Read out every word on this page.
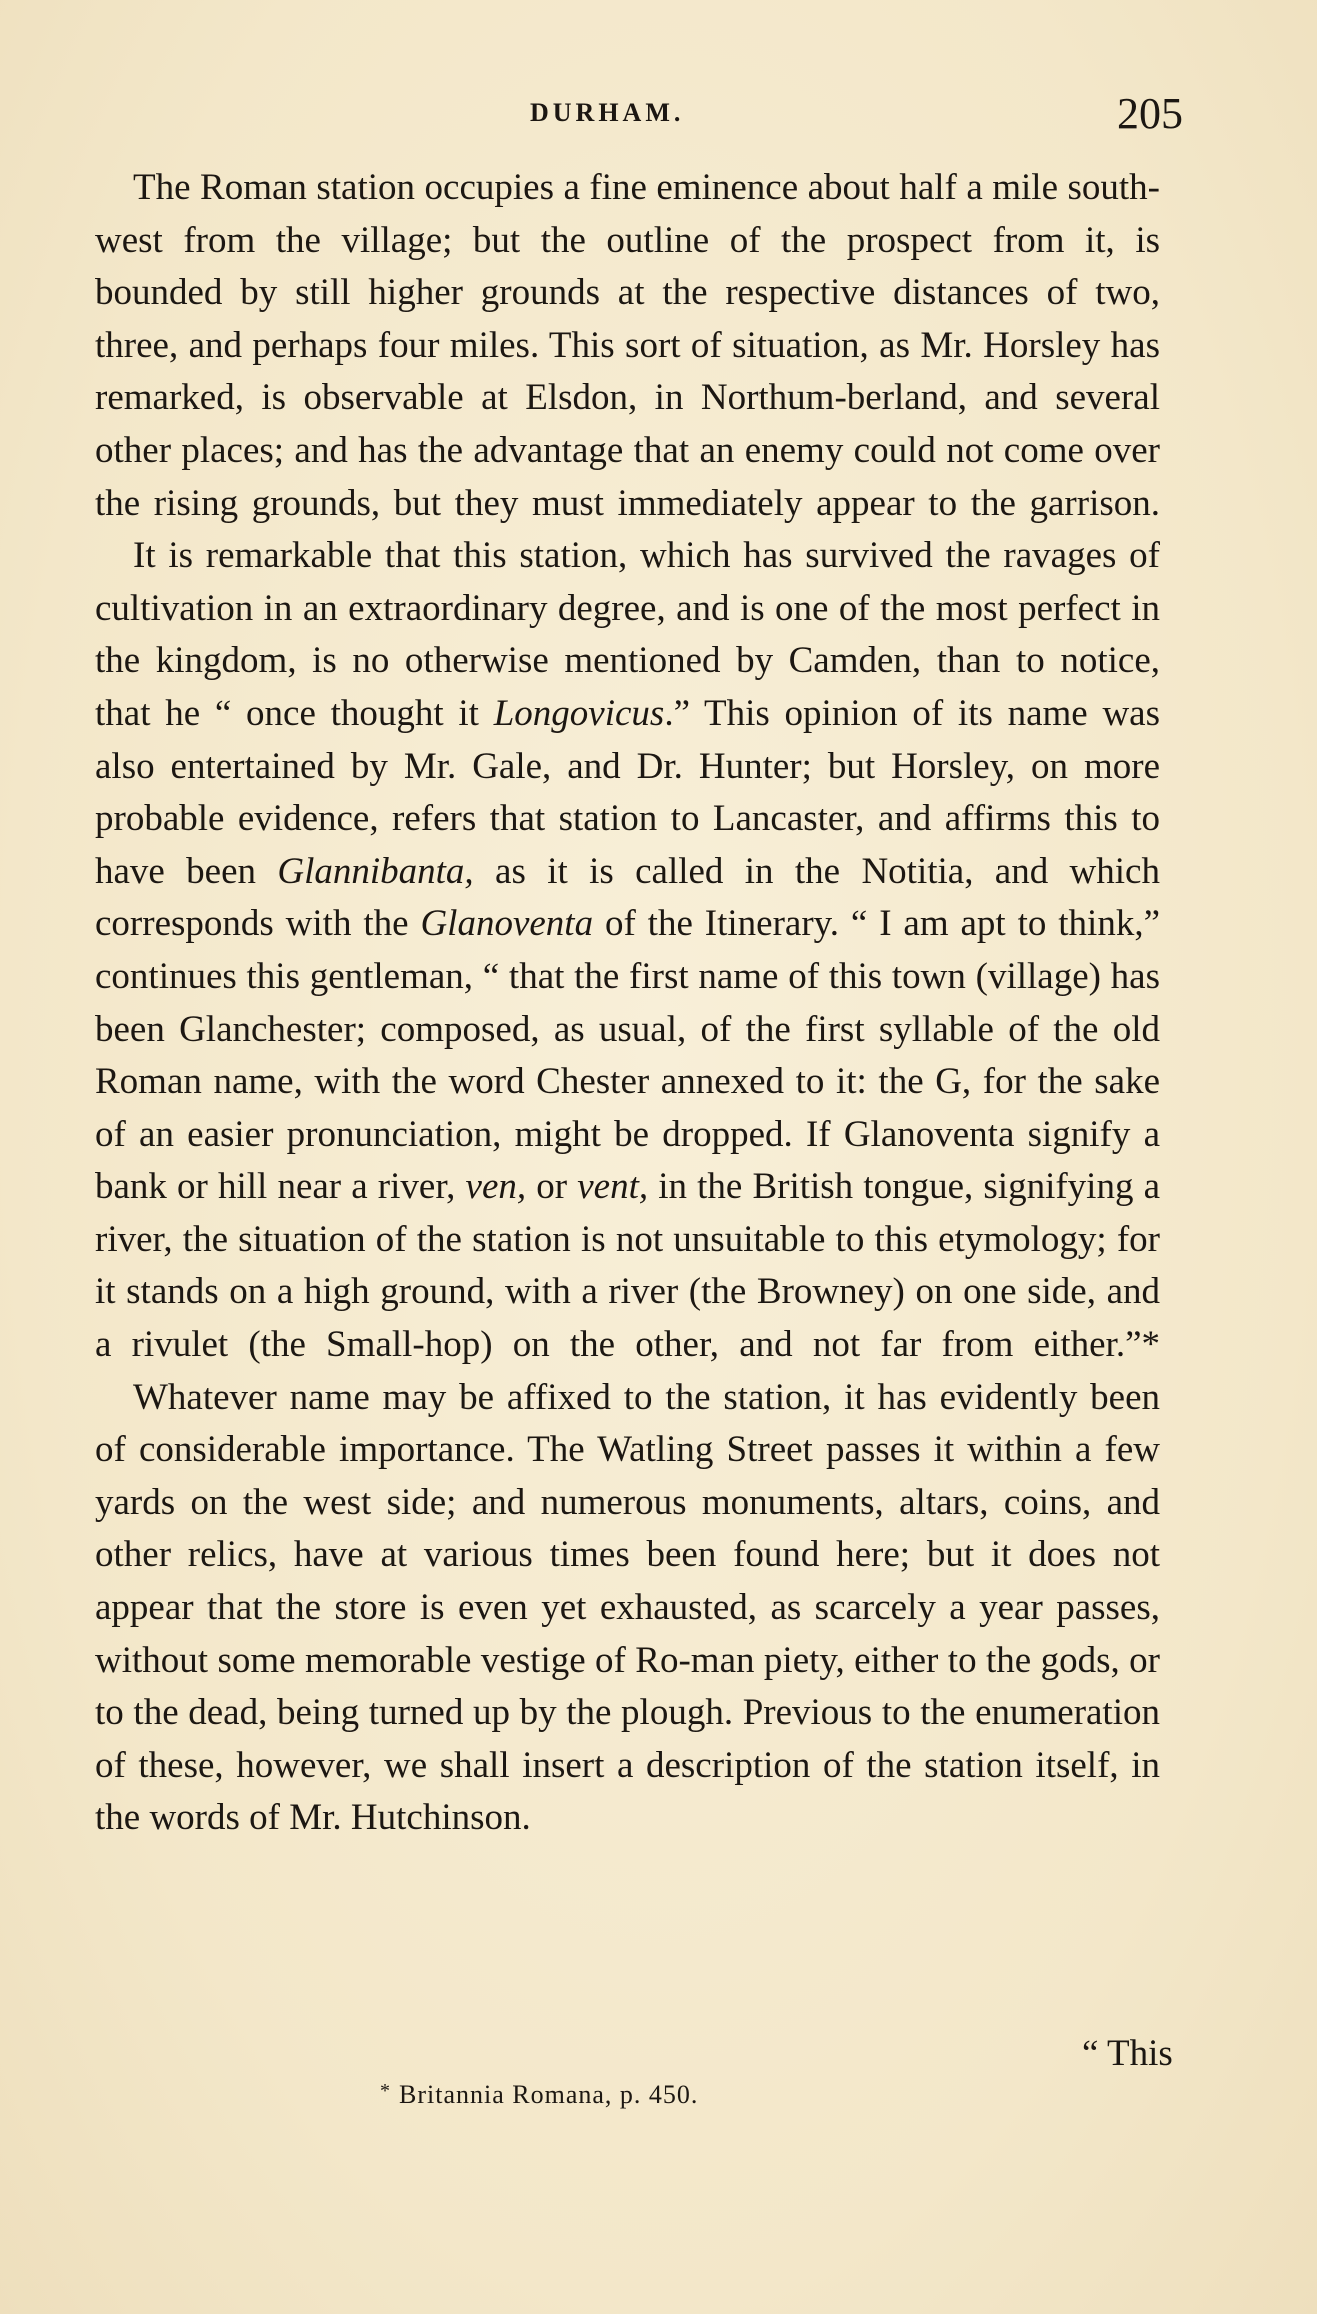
DURHAM.	205

The Roman station occupies a fine eminence about half a mile south-west from the village; but the outline of the prospect from it, is bounded by still higher grounds at the respective distances of two, three, and perhaps four miles. This sort of situation, as Mr. Horsley has remarked, is observable at Elsdon, in Northum-berland, and several other places; and has the advantage that an enemy could not come over the rising grounds, but they must immediately appear to the garrison.

It is remarkable that this station, which has survived the ravages of cultivation in an extraordinary degree, and is one of the most perfect in the kingdom, is no otherwise mentioned by Camden, than to notice, that he “ once thought it Longovicus.” This opinion of its name was also entertained by Mr. Gale, and Dr. Hunter; but Horsley, on more probable evidence, refers that station to Lancaster, and affirms this to have been Glannibanta, as it is called in the Notitia, and which corresponds with the Glanoventa of the Itinerary. “ I am apt to think,” continues this gentleman, “ that the first name of this town (village) has been Glanchester; composed, as usual, of the first syllable of the old Roman name, with the word Chester annexed to it: the G, for the sake of an easier pronunciation, might be dropped. If Glanoventa signify a bank or hill near a river, ven, or vent, in the British tongue, signifying a river, the situation of the station is not unsuitable to this etymology; for it stands on a high ground, with a river (the Browney) on one side, and a rivulet (the Small-hop) on the other, and not far from either.”*

Whatever name may be affixed to the station, it has evidently been of considerable importance. The Watling Street passes it within a few yards on the west side; and numerous monuments, altars, coins, and other relics, have at various times been found here; but it does not appear that the store is even yet exhausted, as scarcely a year passes, without some memorable vestige of Ro-man piety, either to the gods, or to the dead, being turned up by the plough. Previous to the enumeration of these, however, we shall insert a description of the station itself, in the words of Mr. Hutchinson.

“ This
* Britannia Romana, p. 450.
